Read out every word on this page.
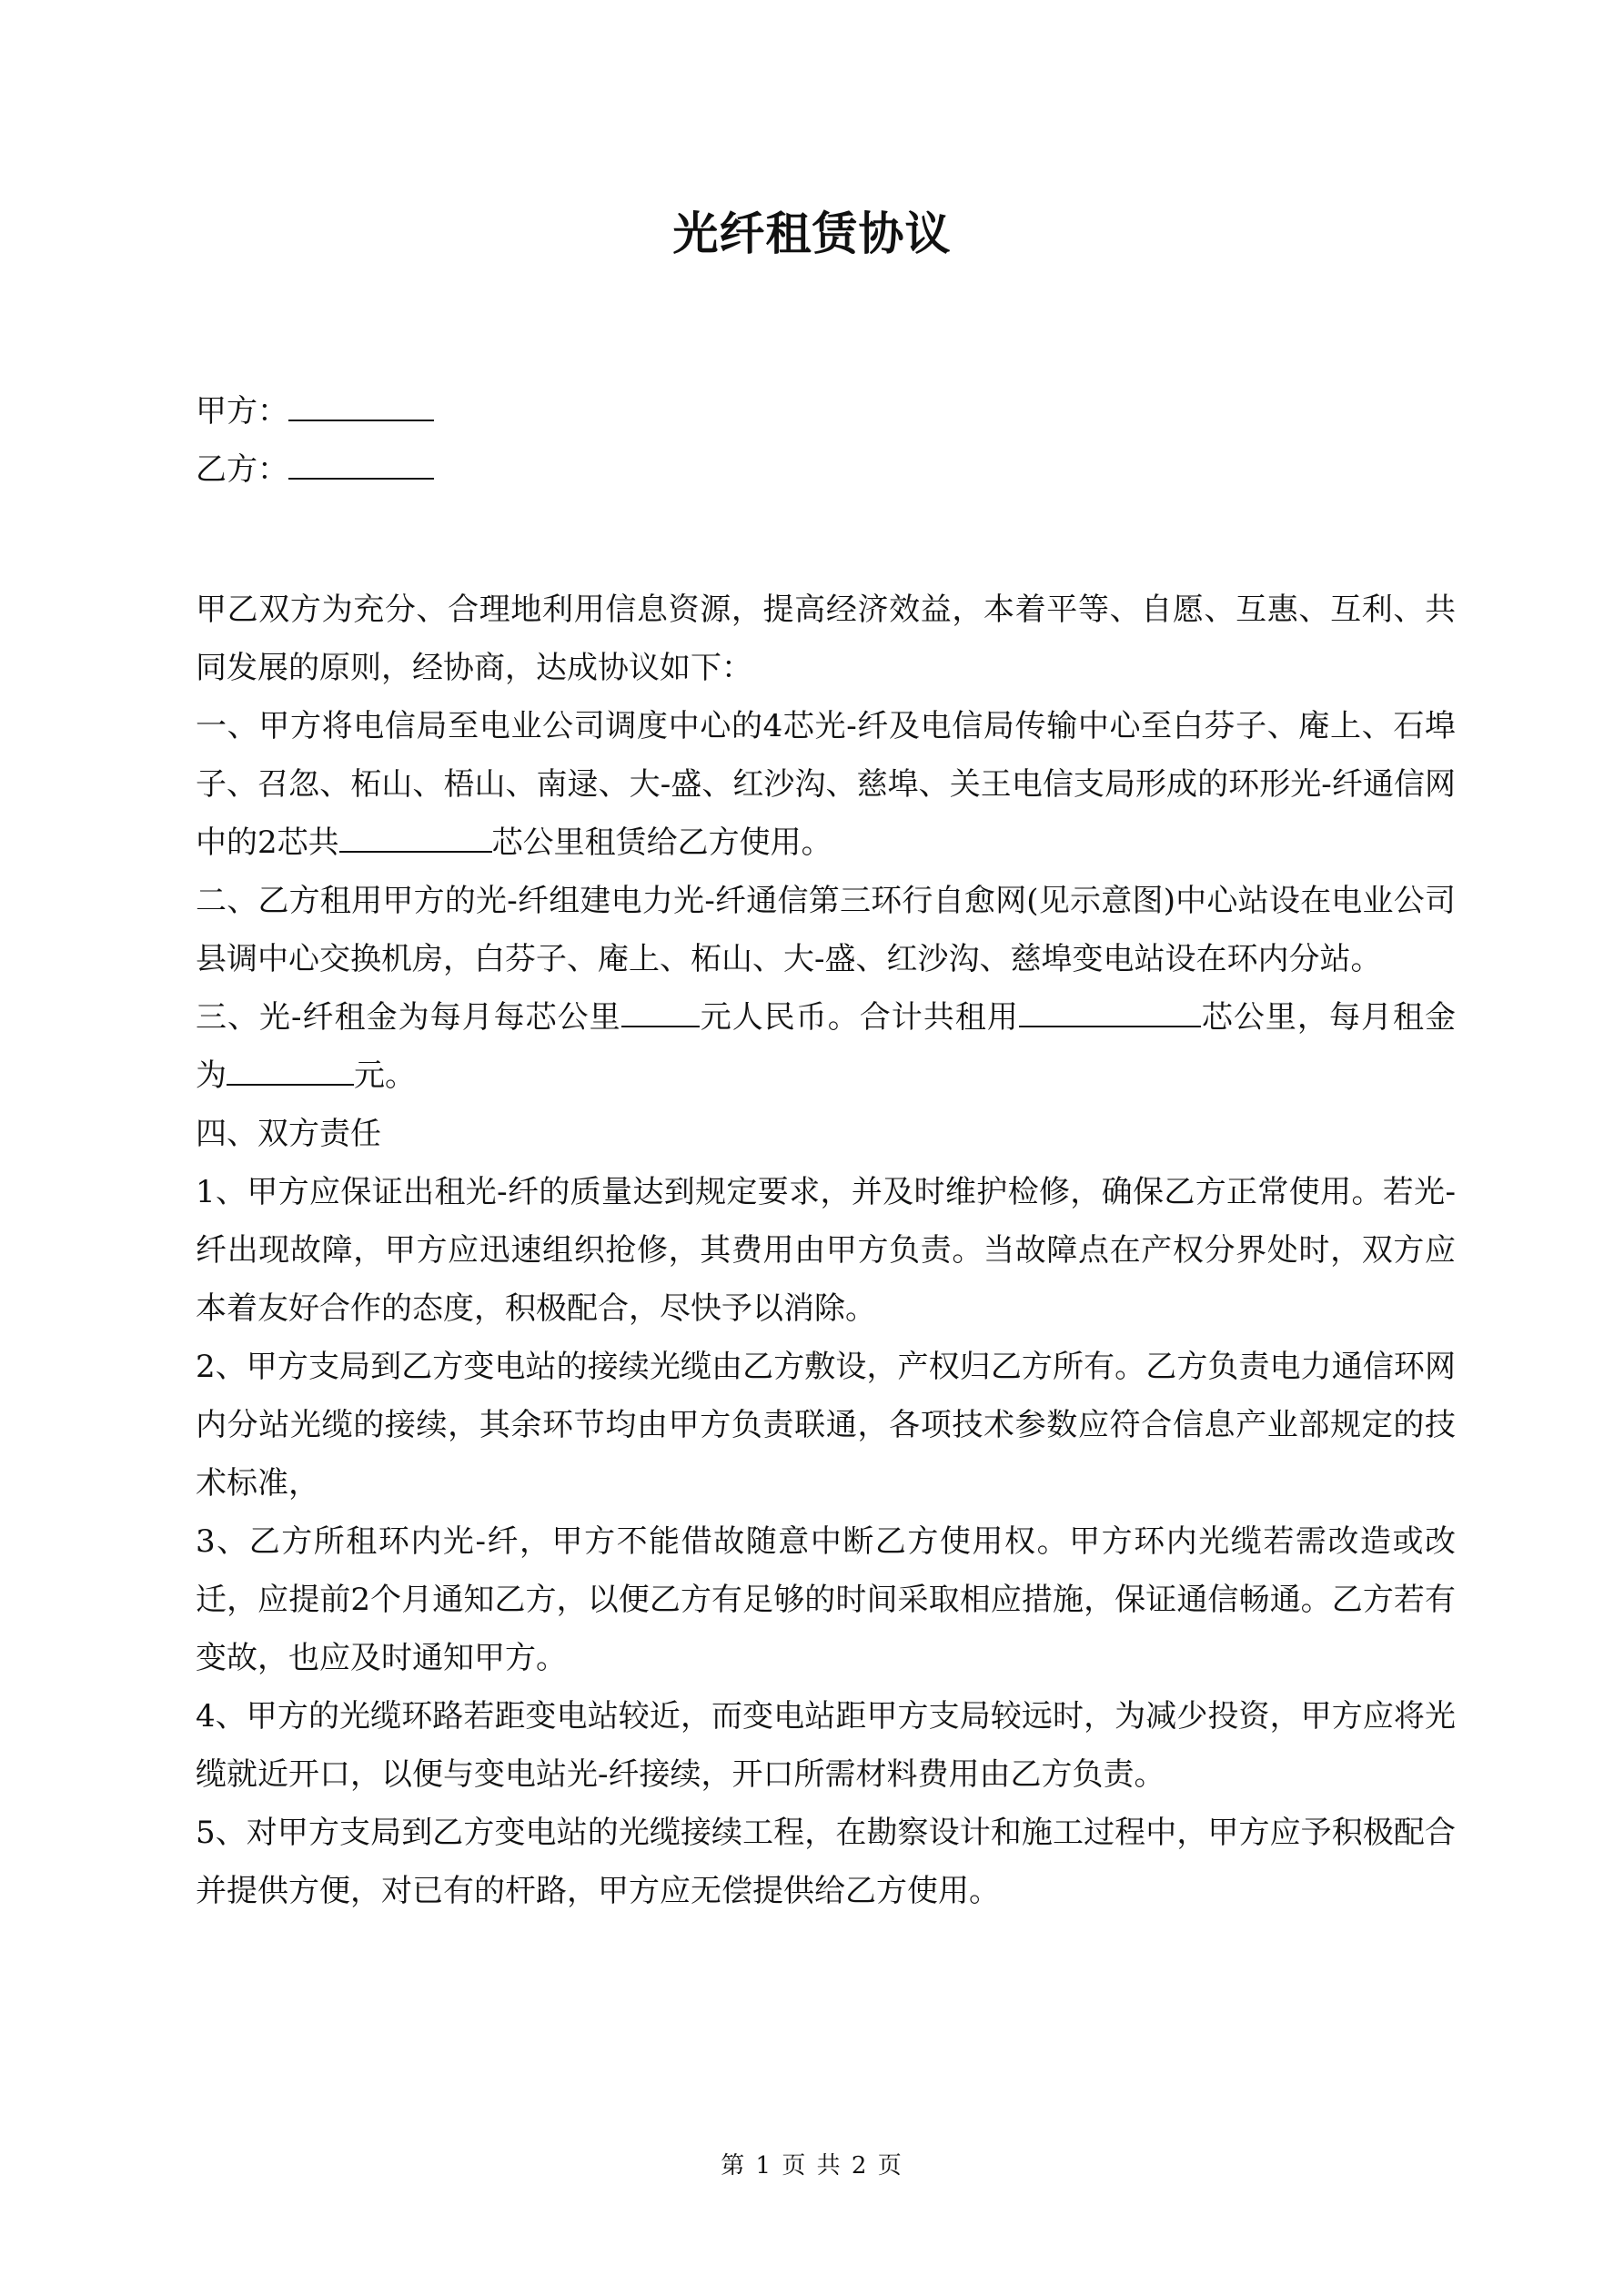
光纤租赁协议

甲方：

乙方：

甲乙双方为充分、合理地利用信息资源，提高经济效益，本着平等、自愿、互惠、互利、共同发展的原则，经协商，达成协议如下：

一、甲方将电信局至电业公司调度中心的4芯光-纤及电信局传输中心至白芬子、庵上、石埠子、召忽、柘山、梧山、南逯、大-盛、红沙沟、慈埠、关王电信支局形成的环形光-纤通信网中的2芯共	芯公里租赁给乙方使用。

二、乙方租用甲方的光-纤组建电力光-纤通信第三环行自愈网(见示意图)中心站设在电业公司县调中心交换机房，白芬子、庵上、柘山、大-盛、红沙沟、慈埠变电站设在环内分站。

三、光-纤租金为每月每芯公里	元人民币。合计共租用	芯公里，每月租金为	元。

四、双方责任

1、甲方应保证出租光-纤的质量达到规定要求，并及时维护检修，确保乙方正常使用。若光-纤出现故障，甲方应迅速组织抢修，其费用由甲方负责。当故障点在产权分界处时，双方应本着友好合作的态度，积极配合，尽快予以消除。

2、甲方支局到乙方变电站的接续光缆由乙方敷设，产权归乙方所有。乙方负责电力通信环网内分站光缆的接续，其余环节均由甲方负责联通，各项技术参数应符合信息产业部规定的技术标准，

3、乙方所租环内光-纤，甲方不能借故随意中断乙方使用权。甲方环内光缆若需改造或改迁，应提前2个月通知乙方，以便乙方有足够的时间采取相应措施，保证通信畅通。乙方若有变故，也应及时通知甲方。

4、甲方的光缆环路若距变电站较近，而变电站距甲方支局较远时，为减少投资，甲方应将光缆就近开口，以便与变电站光-纤接续，开口所需材料费用由乙方负责。

5、对甲方支局到乙方变电站的光缆接续工程，在勘察设计和施工过程中，甲方应予积极配合并提供方便，对已有的杆路，甲方应无偿提供给乙方使用。

第 1 页 共 2 页
